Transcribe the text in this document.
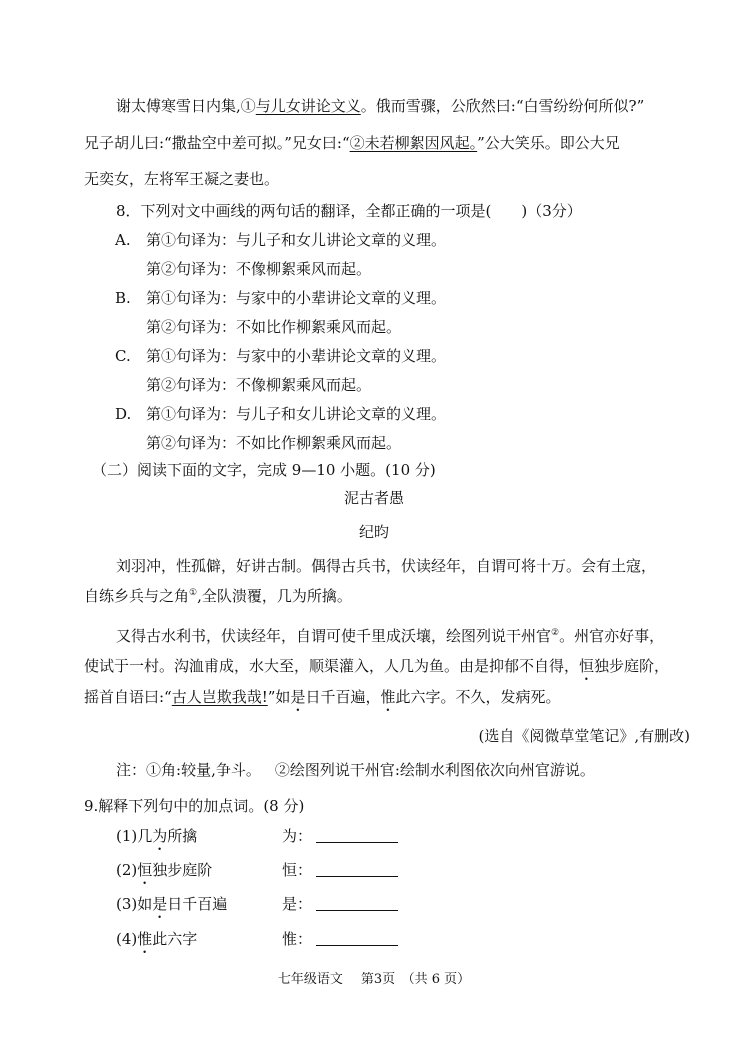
谢太傅寒雪日内集,①与儿女讲论文义。俄而雪骤，公欣然曰:“白雪纷纷何所似?”
兄子胡儿曰:“撒盐空中差可拟。”兄女曰:“②未若柳絮因风起。”公大笑乐。即公大兄
无奕女，左将军王凝之妻也。
8．下列对文中画线的两句话的翻译，全都正确的一项是(　　)（3分）
A. 第①句译为：与儿子和女儿讲论文章的义理。
第②句译为：不像柳絮乘风而起。
B. 第①句译为：与家中的小辈讲论文章的义理。
第②句译为：不如比作柳絮乘风而起。
C. 第①句译为：与家中的小辈讲论文章的义理。
第②句译为：不像柳絮乘风而起。
D. 第①句译为：与儿子和女儿讲论文章的义理。
第②句译为：不如比作柳絮乘风而起。
（二）阅读下面的文字，完成 9—10 小题。(10 分)
泥古者愚
纪昀
刘羽冲，性孤僻，好讲古制。偶得古兵书，伏读经年，自谓可将十万。会有土寇，
自练乡兵与之角①,全队溃覆，几为所擒。
又得古水利书，伏读经年，自谓可使千里成沃壤，绘图列说干州官②。州官亦好事，
使试于一村。沟洫甫成，水大至，顺渠灌入，人几为鱼。由是抑郁不自得，恒独步庭阶，
摇首自语曰:“古人岂欺我哉!”如是日千百遍，惟此六字。不久，发病死。
(选自《阅微草堂笔记》,有删改)
注：①角:较量,争斗。 ②绘图列说干州官:绘制水利图依次向州官游说。
9.解释下列句中的加点词。(8 分)
(1)几为所擒	为：
(2)恒独步庭阶	恒：
(3)如是日千百遍	是：
(4)惟此六字	惟：
七年级语文 第3页　（共 6 页）
